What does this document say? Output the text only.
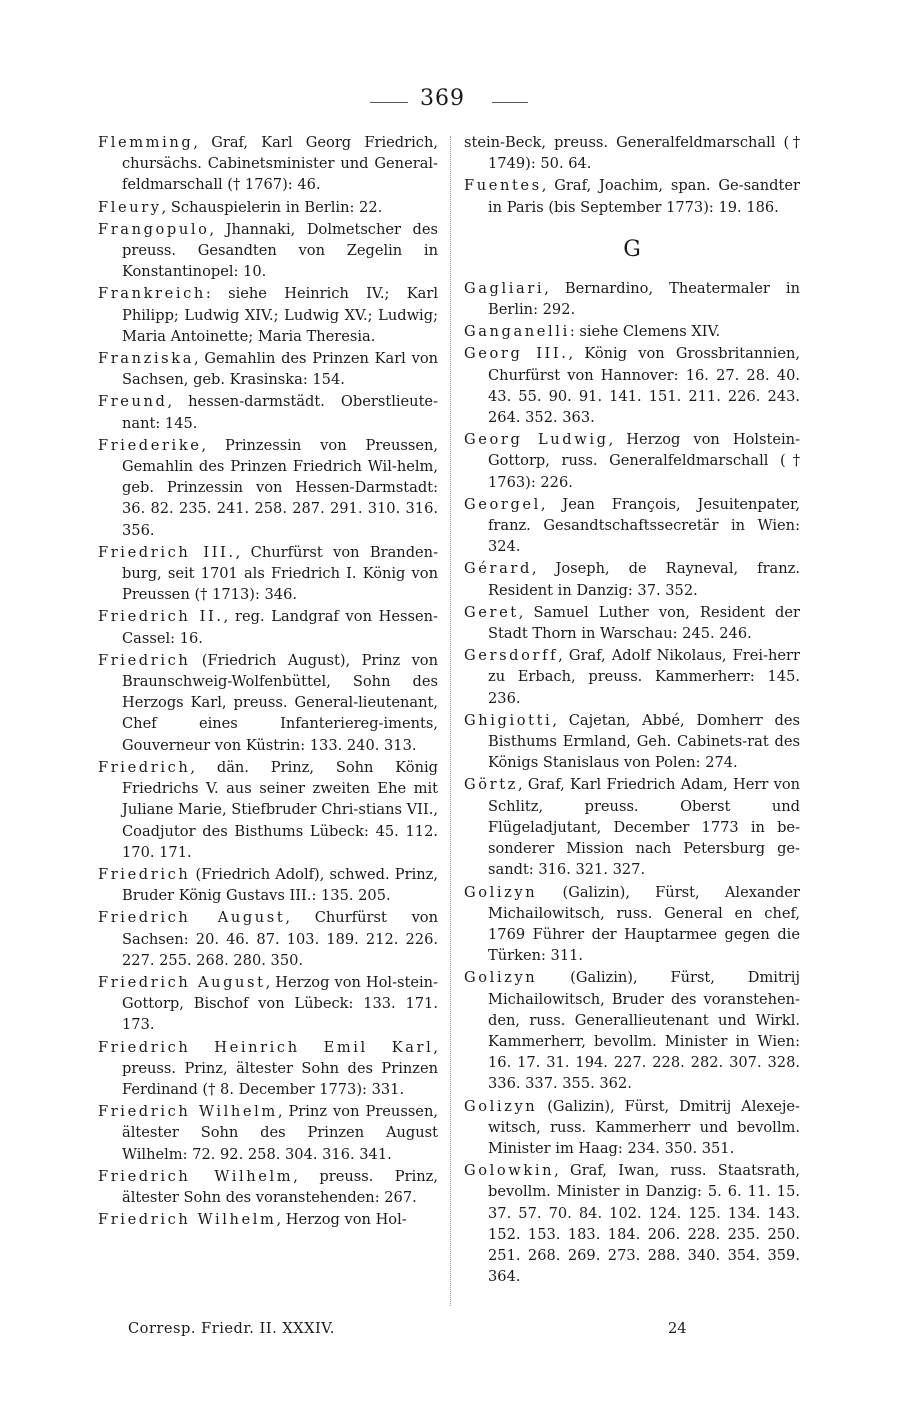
369
Flemming, Graf, Karl Georg Friedrich, chursächs. Cabinetsminister und General-feldmarschall († 1767): 46.
Fleury, Schauspielerin in Berlin: 22.
Frangopulo, Jhannaki, Dolmetscher des preuss. Gesandten von Zegelin in Konstantinopel: 10.
Frankreich: siehe Heinrich IV.; Karl Philipp; Ludwig XIV.; Ludwig XV.; Ludwig; Maria Antoinette; Maria Theresia.
Franziska, Gemahlin des Prinzen Karl von Sachsen, geb. Krasinska: 154.
Freund, hessen-darmstädt. Oberstlieute-nant: 145.
Friederike, Prinzessin von Preussen, Gemahlin des Prinzen Friedrich Wil-helm, geb. Prinzessin von Hessen-Darmstadt: 36. 82. 235. 241. 258. 287. 291. 310. 316. 356.
Friedrich III., Churfürst von Branden-burg, seit 1701 als Friedrich I. König von Preussen († 1713): 346.
Friedrich II., reg. Landgraf von Hessen-Cassel: 16.
Friedrich (Friedrich August), Prinz von Braunschweig-Wolfenbüttel, Sohn des Herzogs Karl, preuss. General-lieutenant, Chef eines Infanteriereg-iments, Gouverneur von Küstrin: 133. 240. 313.
Friedrich, dän. Prinz, Sohn König Friedrichs V. aus seiner zweiten Ehe mit Juliane Marie, Stiefbruder Chri-stians VII., Coadjutor des Bisthums Lübeck: 45. 112. 170. 171.
Friedrich (Friedrich Adolf), schwed. Prinz, Bruder König Gustavs III.: 135. 205.
Friedrich August, Churfürst von Sachsen: 20. 46. 87. 103. 189. 212. 226. 227. 255. 268. 280. 350.
Friedrich August, Herzog von Hol-stein-Gottorp, Bischof von Lübeck: 133. 171. 173.
Friedrich Heinrich Emil Karl, preuss. Prinz, ältester Sohn des Prinzen Ferdinand († 8. December 1773): 331.
Friedrich Wilhelm, Prinz von Preussen, ältester Sohn des Prinzen August Wilhelm: 72. 92. 258. 304. 316. 341.
Friedrich Wilhelm, preuss. Prinz, ältester Sohn des voranstehenden: 267.
Friedrich Wilhelm, Herzog von Hol-
stein-Beck, preuss. Generalfeldmarschall († 1749): 50. 64.
Fuentes, Graf, Joachim, span. Ge-sandter in Paris (bis September 1773): 19. 186.
G
Gagliari, Bernardino, Theatermaler in Berlin: 292.
Ganganelli: siehe Clemens XIV.
Georg III., König von Grossbritannien, Churfürst von Hannover: 16. 27. 28. 40. 43. 55. 90. 91. 141. 151. 211. 226. 243. 264. 352. 363.
Georg Ludwig, Herzog von Holstein-Gottorp, russ. Generalfeldmarschall († 1763): 226.
Georgel, Jean François, Jesuitenpater, franz. Gesandtschaftssecretär in Wien: 324.
Gérard, Joseph, de Rayneval, franz. Resident in Danzig: 37. 352.
Geret, Samuel Luther von, Resident der Stadt Thorn in Warschau: 245. 246.
Gersdorff, Graf, Adolf Nikolaus, Frei-herr zu Erbach, preuss. Kammerherr: 145. 236.
Ghigiotti, Cajetan, Abbé, Domherr des Bisthums Ermland, Geh. Cabinets-rat des Königs Stanislaus von Polen: 274.
Görtz, Graf, Karl Friedrich Adam, Herr von Schlitz, preuss. Oberst und Flügeladjutant, December 1773 in be-sonderer Mission nach Petersburg ge-sandt: 316. 321. 327.
Golizyn (Galizin), Fürst, Alexander Michailowitsch, russ. General en chef, 1769 Führer der Hauptarmee gegen die Türken: 311.
Golizyn (Galizin), Fürst, Dmitrij Michailowitsch, Bruder des voranstehen-den, russ. Generallieutenant und Wirkl. Kammerherr, bevollm. Minister in Wien: 16. 17. 31. 194. 227. 228. 282. 307. 328. 336. 337. 355. 362.
Golizyn (Galizin), Fürst, Dmitrij Alexeje-witsch, russ. Kammerherr und bevollm. Minister im Haag: 234. 350. 351.
Golowkin, Graf, Iwan, russ. Staatsrath, bevollm. Minister in Danzig: 5. 6. 11. 15. 37. 57. 70. 84. 102. 124. 125. 134. 143. 152. 153. 183. 184. 206. 228. 235. 250. 251. 268. 269. 273. 288. 340. 354. 359. 364.
Corresp. Friedr. II. XXXIV.	24
